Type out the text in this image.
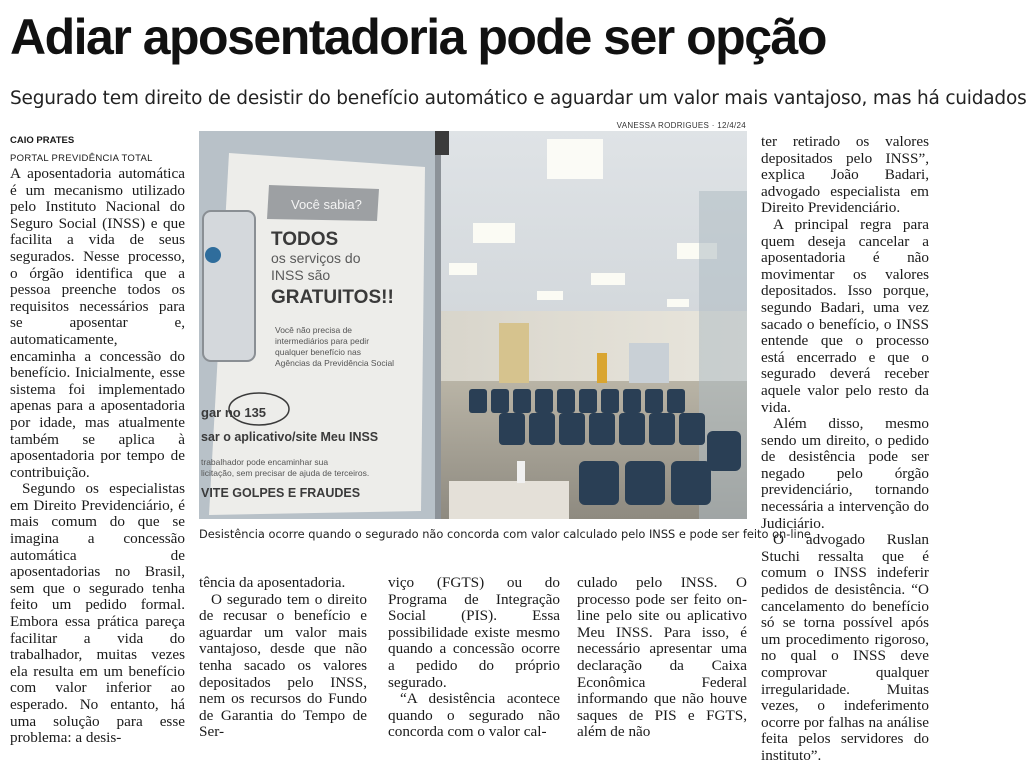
Adiar aposentadoria pode ser opção
Segurado tem direito de desistir do benefício automático e aguardar um valor mais vantajoso, mas há cuidados
CAIO PRATES
PORTAL PREVIDÊNCIA TOTAL

A aposentadoria automática é um mecanismo utilizado pelo Instituto Nacional do Seguro Social (INSS) e que facilita a vida de seus segurados. Nesse processo, o órgão identifica que a pessoa preenche todos os requisitos necessários para se aposentar e, automaticamente, encaminha a concessão do benefício. Inicialmente, esse sistema foi implementado apenas para a aposentadoria por idade, mas atualmente também se aplica à aposentadoria por tempo de contribuição.

Segundo os especialistas em Direito Previdenciário, é mais comum do que se imagina a concessão automática de aposentadorias no Brasil, sem que o segurado tenha feito um pedido formal. Embora essa prática pareça facilitar a vida do trabalhador, muitas vezes ela resulta em um benefício com valor inferior ao esperado. No entanto, há uma solução para esse problema: a desis-

VANESSA RODRIGUES · 12/4/24
Você sabia?
TODOS
os serviços do
INSS são
GRATUITOS!!
Você não precisa de
intermediários para pedir
qualquer benefício nas
Agências da Previdência Social
gar no 135
sar o aplicativo/site Meu INSS
trabalhador pode encaminhar sua
licitação, sem precisar de ajuda de terceiros.
VITE GOLPES E FRAUDES
Desistência ocorre quando o segurado não concorda com valor calculado pelo INSS e pode ser feito on-line

tência da aposentadoria.

O segurado tem o direito de recusar o benefício e aguardar um valor mais vantajoso, desde que não tenha sacado os valores depositados pelo INSS, nem os recursos do Fundo de Garantia do Tempo de Ser-

viço (FGTS) ou do Programa de Integração Social (PIS). Essa possibilidade existe mesmo quando a concessão ocorre a pedido do próprio segurado.

“A desistência acontece quando o segurado não concorda com o valor cal-

culado pelo INSS. O processo pode ser feito on-line pelo site ou aplicativo Meu INSS. Para isso, é necessário apresentar uma declaração da Caixa Econômica Federal informando que não houve saques de PIS e FGTS, além de não

ter retirado os valores depositados pelo INSS”, explica João Badari, advogado especialista em Direito Previdenciário.

A principal regra para quem deseja cancelar a aposentadoria é não movimentar os valores depositados. Isso porque, segundo Badari, uma vez sacado o benefício, o INSS entende que o processo está encerrado e que o segurado deverá receber aquele valor pelo resto da vida.

Além disso, mesmo sendo um direito, o pedido de desistência pode ser negado pelo órgão previdenciário, tornando necessária a intervenção do Judiciário.

O advogado Ruslan Stuchi ressalta que é comum o INSS indeferir pedidos de desistência. “O cancelamento do benefício só se torna possível após um procedimento rigoroso, no qual o INSS deve comprovar qualquer irregularidade. Muitas vezes, o indeferimento ocorre por falhas na análise feita pelos servidores do instituto”.
